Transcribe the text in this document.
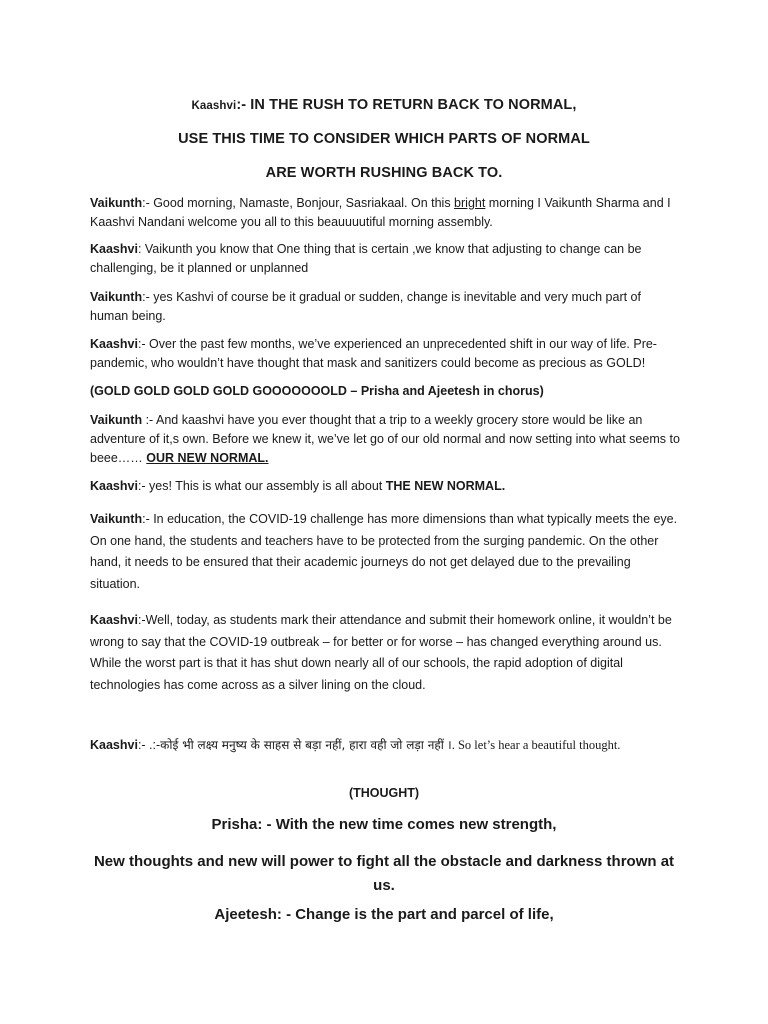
Kaashvi:- IN THE RUSH TO RETURN BACK TO NORMAL,
USE THIS TIME TO CONSIDER WHICH PARTS OF NORMAL
ARE WORTH RUSHING BACK TO.
Vaikunth:- Good morning, Namaste, Bonjour, Sasriakaal. On this bright morning I Vaikunth Sharma and I Kaashvi Nandani welcome you all to this beauuuutiful morning assembly.
Kaashvi: Vaikunth you know that One thing that is certain ,we know that adjusting to change can be challenging, be it planned or unplanned
Vaikunth:- yes Kashvi of course be it gradual or sudden, change is inevitable and very much part of human being.
Kaashvi:- Over the past few months, we’ve experienced an unprecedented shift in our way of life. Pre-pandemic, who wouldn’t have thought that mask and sanitizers could become as precious as GOLD!
(GOLD GOLD GOLD GOLD GOOOOOOOLD – Prisha and Ajeetesh in chorus)
Vaikunth :- And kaashvi have you ever thought that a trip to a weekly grocery store would be like an adventure of it,s own. Before we knew it, we’ve let go of our old normal and now setting into what seems to beee…… OUR NEW NORMAL.
Kaashvi:- yes! This is what our assembly is all about THE NEW NORMAL.
Vaikunth:- In education, the COVID-19 challenge has more dimensions than what typically meets the eye. On one hand, the students and teachers have to be protected from the surging pandemic. On the other hand, it needs to be ensured that their academic journeys do not get delayed due to the prevailing situation.
Kaashvi:-Well, today, as students mark their attendance and submit their homework online, it wouldn’t be wrong to say that the COVID-19 outbreak – for better or for worse – has changed everything around us. While the worst part is that it has shut down nearly all of our schools, the rapid adoption of digital technologies has come across as a silver lining on the cloud.
Kaashvi:- .:-कोई भी लक्ष्य मनुष्य के साहस से बड़ा नहीं, हारा वही जो लड़ा नहीं ।. So let’s hear a beautiful thought.
(THOUGHT)
Prisha: - With the new time comes new strength,
New thoughts and new will power to fight all the obstacle and darkness thrown at us.
Ajeetesh: - Change is the part and parcel of life,
